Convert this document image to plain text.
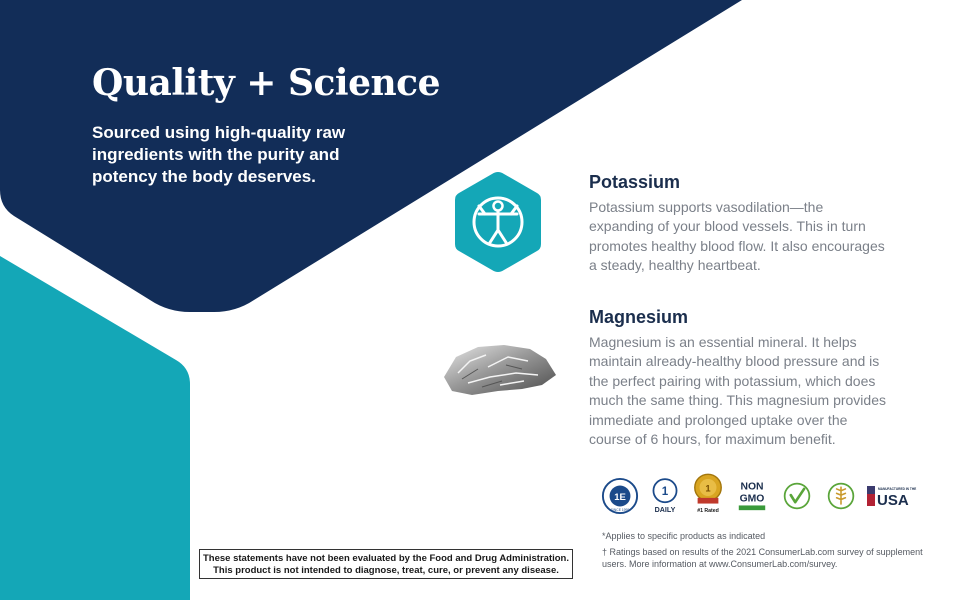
Quality + Science
Sourced using high-quality raw ingredients with the purity and potency the body deserves.	Potassium
Potassium supports vasodilation—the expanding of your blood vessels. This in turn promotes healthy blood flow. It also encourages a steady, healthy heartbeat.
Magnesium
Magnesium is an essential mineral. It helps maintain already-healthy blood pressure and is the perfect pairing with potassium, which does much the same thing. This magnesium provides immediate and prolonged uptake over the course of 6 hours, for maximum benefit.
1E
SINCE 1999
1
DAILY
1
#1 Rated
NON
GMO
MANUFACTURED IN THE
USA
*Applies to specific products as indicated
† Ratings based on results of the 2021 ConsumerLab.com survey of supplement users. More information at www.ConsumerLab.com/survey.
These statements have not been evaluated by the Food and Drug Administration.
This product is not intended to diagnose, treat, cure, or prevent any disease.
